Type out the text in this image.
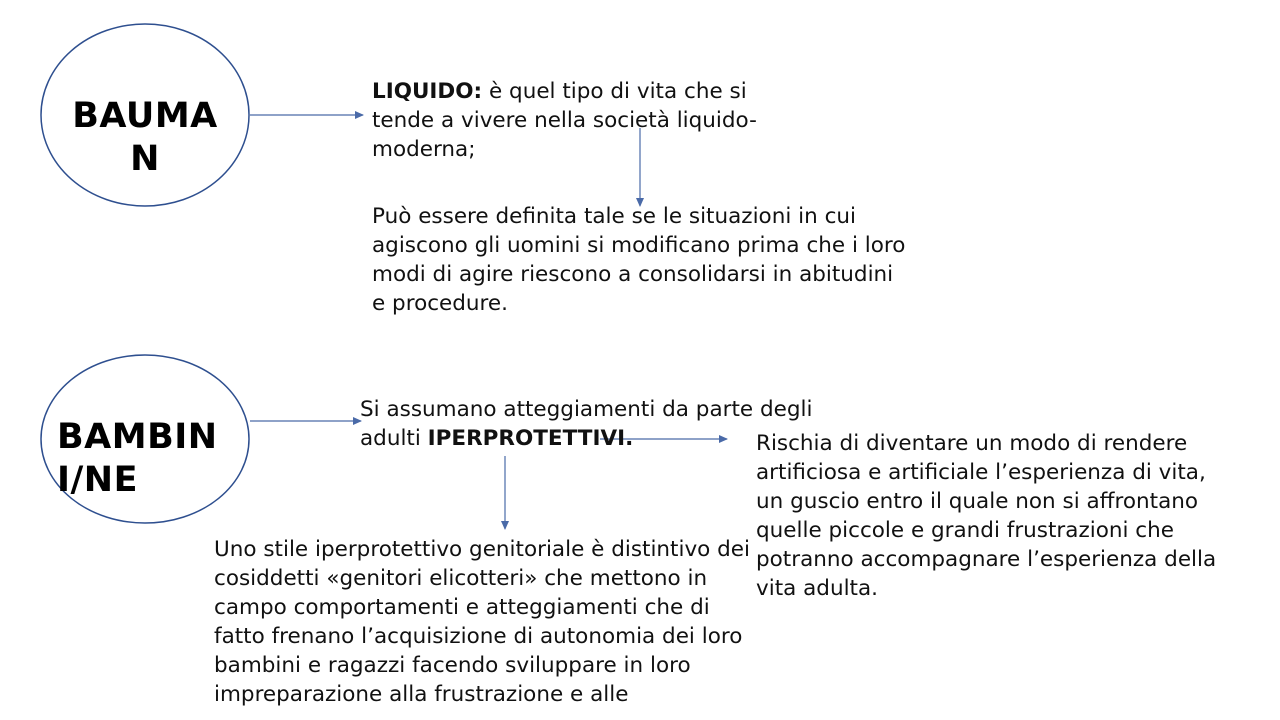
BAUMAN
BAMBINI/NE

LIQUIDO: è quel tipo di vita che si tende a vivere nella società liquido-moderna;

Può essere definita tale se le situazioni in cui agiscono gli uomini si modificano prima che i loro modi di agire riescono a consolidarsi in abitudini e procedure.

Si assumano atteggiamenti da parte degli adulti IPERPROTETTIVI.

Uno stile iperprotettivo genitoriale è distintivo dei cosiddetti «genitori elicotteri» che mettono in campo comportamenti e atteggiamenti che di fatto frenano l’acquisizione di autonomia dei loro bambini e ragazzi facendo sviluppare in loro impreparazione alla frustrazione e alle

Rischia di diventare un modo di rendere artificiosa e artificiale l’esperienza di vita, un guscio entro il quale non si affrontano quelle piccole e grandi frustrazioni che potranno accompagnare l’esperienza della vita adulta.
